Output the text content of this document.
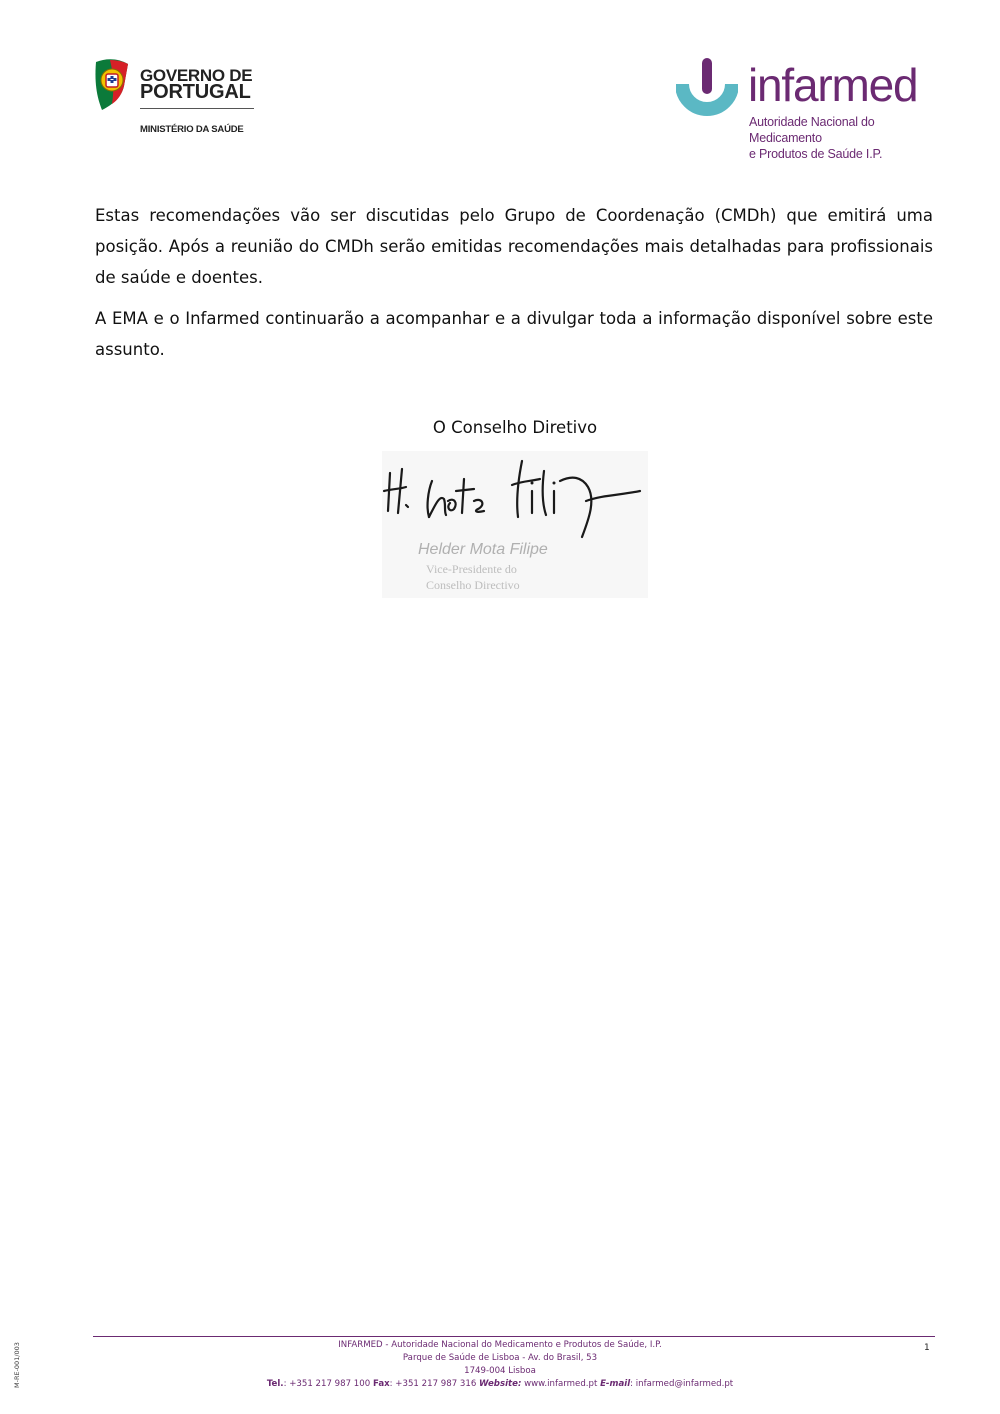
GOVERNO DE
PORTUGAL
MINISTÉRIO DA SAÚDE
infarmed
Autoridade Nacional do Medicamento
e Produtos de Saúde I.P.

Estas recomendações vão ser discutidas pelo Grupo de Coordenação (CMDh) que emitirá uma posição. Após a reunião do CMDh serão emitidas recomendações mais detalhadas para profissionais de saúde e doentes.

A EMA e o Infarmed continuarão a acompanhar e a divulgar toda a informação disponível sobre este assunto.

O Conselho Diretivo
Helder Mota Filipe
Vice-Presidente do
Conselho Directivo
INFARMED - Autoridade Nacional do Medicamento e Produtos de Saúde, I.P.
Parque de Saúde de Lisboa - Av. do Brasil, 53
1749-004 Lisboa
Tel.: +351 217 987 100 Fax: +351 217 987 316 Website: www.infarmed.pt E-mail: infarmed@infarmed.pt
1
M-RE-001/003
